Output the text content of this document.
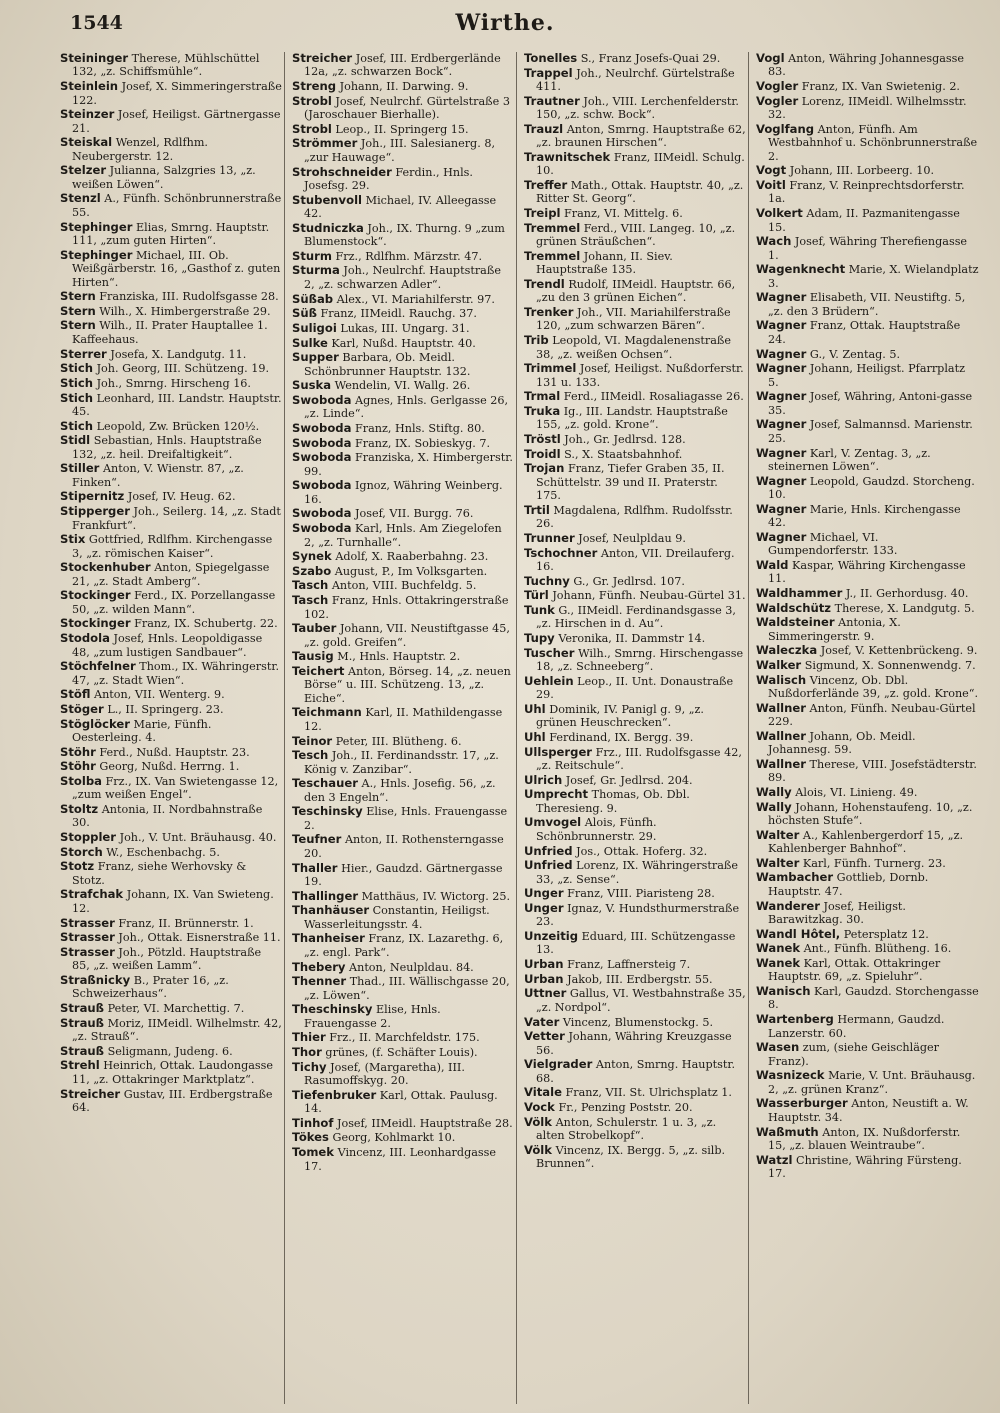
1544	Wirthe.
Steininger Therese, Mühlschüttel 132, „z. Schiffsmühle“.
Steinlein Josef, X. Simmeringerstraße 122.
Steinzer Josef, Heiligst. Gärtnergasse 21.
Steiskal Wenzel, Rdlfhm. Neubergerstr. 12.
Stelzer Julianna, Salzgries 13, „z. weißen Löwen“.
Stenzl A., Fünfh. Schönbrunnerstraße 55.
Stephinger Elias, Smrng. Hauptstr. 111, „zum guten Hirten“.
Stephinger Michael, III. Ob. Weißgärberstr. 16, „Gasthof z. guten Hirten“.
Stern Franziska, III. Rudolfsgasse 28.
Stern Wilh., X. Himbergerstraße 29.
Stern Wilh., II. Prater Hauptallee 1. Kaffeehaus.
Sterrer Josefa, X. Landgutg. 11.
Stich Joh. Georg, III. Schützeng. 19.
Stich Joh., Smrng. Hirscheng 16.
Stich Leonhard, III. Landstr. Hauptstr. 45.
Stich Leopold, Zw. Brücken 120½.
Stidl Sebastian, Hnls. Hauptstraße 132, „z. heil. Dreifaltigkeit“.
Stiller Anton, V. Wienstr. 87, „z. Finken“.
Stipernitz Josef, IV. Heug. 62.
Stipperger Joh., Seilerg. 14, „z. Stadt Frankfurt“.
Stix Gottfried, Rdlfhm. Kirchengasse 3, „z. römischen Kaiser“.
Stockenhuber Anton, Spiegelgasse 21, „z. Stadt Amberg“.
Stockinger Ferd., IX. Porzellangasse 50, „z. wilden Mann“.
Stockinger Franz, IX. Schubertg. 22.
Stodola Josef, Hnls. Leopoldigasse 48, „zum lustigen Sandbauer“.
Stöchfelner Thom., IX. Währingerstr. 47, „z. Stadt Wien“.
Stöfl Anton, VII. Wenterg. 9.
Stöger L., II. Springerg. 23.
Stöglöcker Marie, Fünfh. Oesterleing. 4.
Stöhr Ferd., Nußd. Hauptstr. 23.
Stöhr Georg, Nußd. Herrng. 1.
Stolba Frz., IX. Van Swietengasse 12, „zum weißen Engel“.
Stoltz Antonia, II. Nordbahnstraße 30.
Stoppler Joh., V. Unt. Bräuhausg. 40.
Storch W., Eschenbachg. 5.
Stotz Franz, siehe Werhovsky & Stotz.
Strafchak Johann, IX. Van Swieteng. 12.
Strasser Franz, II. Brünnerstr. 1.
Strasser Joh., Ottak. Eisnerstraße 11.
Strasser Joh., Pötzld. Hauptstraße 85, „z. weißen Lamm“.
Straßnicky B., Prater 16, „z. Schweizerhaus“.
Strauß Peter, VI. Marchettig. 7.
Strauß Moriz, IIMeidl. Wilhelmstr. 42, „z. Strauß“.
Strauß Seligmann, Judeng. 6.
Strehl Heinrich, Ottak. Laudongasse 11, „z. Ottakringer Marktplatz“.
Streicher Gustav, III. Erdbergstraße 64.
Streicher Josef, III. Erdbergerlände 12a, „z. schwarzen Bock“.
Streng Johann, II. Darwing. 9.
Strobl Josef, Neulrchf. Gürtelstraße 3 (Jaroschauer Bierhalle).
Strobl Leop., II. Springerg 15.
Strömmer Joh., III. Salesianerg. 8, „zur Hauwage“.
Strohschneider Ferdin., Hnls. Josefsg. 29.
Stubenvoll Michael, IV. Alleegasse 42.
Studniczka Joh., IX. Thurng. 9 „zum Blumenstock“.
Sturm Frz., Rdlfhm. Märzstr. 47.
Sturma Joh., Neulrchf. Hauptstraße 2, „z. schwarzen Adler“.
Süßab Alex., VI. Mariahilferstr. 97.
Süß Franz, IIMeidl. Rauchg. 37.
Suligoi Lukas, III. Ungarg. 31.
Sulke Karl, Nußd. Hauptstr. 40.
Supper Barbara, Ob. Meidl. Schönbrunner Hauptstr. 132.
Suska Wendelin, VI. Wallg. 26.
Swoboda Agnes, Hnls. Gerlgasse 26, „z. Linde“.
Swoboda Franz, Hnls. Stiftg. 80.
Swoboda Franz, IX. Sobieskyg. 7.
Swoboda Franziska, X. Himbergerstr. 99.
Swoboda Ignoz, Währing Weinberg. 16.
Swoboda Josef, VII. Burgg. 76.
Swoboda Karl, Hnls. Am Ziegelofen 2, „z. Turnhalle“.
Synek Adolf, X. Raaberbahng. 23.
Szabo August, P., Im Volksgarten.
Tasch Anton, VIII. Buchfeldg. 5.
Tasch Franz, Hnls. Ottakringerstraße 102.
Tauber Johann, VII. Neustiftgasse 45, „z. gold. Greifen“.
Tausig M., Hnls. Hauptstr. 2.
Teichert Anton, Börseg. 14, „z. neuen Börse“ u. III. Schützeng. 13, „z. Eiche“.
Teichmann Karl, II. Mathildengasse 12.
Teinor Peter, III. Blütheng. 6.
Tesch Joh., II. Ferdinandsstr. 17, „z. König v. Zanzibar“.
Teschauer A., Hnls. Josefig. 56, „z. den 3 Engeln“.
Teschinsky Elise, Hnls. Frauengasse 2.
Teufner Anton, II. Rothensterngasse 20.
Thaller Hier., Gaudzd. Gärtnergasse 19.
Thallinger Matthäus, IV. Wictorg. 25.
Thanhäuser Constantin, Heiligst. Wasserleitungsstr. 4.
Thanheiser Franz, IX. Lazarethg. 6, „z. engl. Park“.
Thebery Anton, Neulpldau. 84.
Thenner Thad., III. Wällischgasse 20, „z. Löwen“.
Theschinsky Elise, Hnls. Frauengasse 2.
Thier Frz., II. Marchfeldstr. 175.
Thor grünes, (f. Schäfter Louis).
Tichy Josef, (Margaretha), III. Rasumoffskyg. 20.
Tiefenbruker Karl, Ottak. Paulusg. 14.
Tinhof Josef, IIMeidl. Hauptstraße 28.
Tökes Georg, Kohlmarkt 10.
Tomek Vincenz, III. Leonhardgasse 17.
Tonelles S., Franz Josefs-Quai 29.
Trappel Joh., Neulrchf. Gürtelstraße 411.
Trautner Joh., VIII. Lerchenfelderstr. 150, „z. schw. Bock“.
Trauzl Anton, Smrng. Hauptstraße 62, „z. braunen Hirschen“.
Trawnitschek Franz, IIMeidl. Schulg. 10.
Treffer Math., Ottak. Hauptstr. 40, „z. Ritter St. Georg“.
Treipl Franz, VI. Mittelg. 6.
Tremmel Ferd., VIII. Langeg. 10, „z. grünen Sträußchen“.
Tremmel Johann, II. Siev. Hauptstraße 135.
Trendl Rudolf, IIMeidl. Hauptstr. 66, „zu den 3 grünen Eichen“.
Trenker Joh., VII. Mariahilferstraße 120, „zum schwarzen Bären“.
Trib Leopold, VI. Magdalenenstraße 38, „z. weißen Ochsen“.
Trimmel Josef, Heiligst. Nußdorferstr. 131 u. 133.
Trmal Ferd., IIMeidl. Rosaliagasse 26.
Truka Ig., III. Landstr. Hauptstraße 155, „z. gold. Krone“.
Tröstl Joh., Gr. Jedlrsd. 128.
Troidl S., X. Staatsbahnhof.
Trojan Franz, Tiefer Graben 35, II. Schüttelstr. 39 und II. Praterstr. 175.
Trtil Magdalena, Rdlfhm. Rudolfsstr. 26.
Trunner Josef, Neulpldau 9.
Tschochner Anton, VII. Dreilauferg. 16.
Tuchny G., Gr. Jedlrsd. 107.
Türl Johann, Fünfh. Neubau-Gürtel 31.
Tunk G., IIMeidl. Ferdinandsgasse 3, „z. Hirschen in d. Au“.
Tupy Veronika, II. Dammstr 14.
Tuscher Wilh., Smrng. Hirschengasse 18, „z. Schneeberg“.
Uehlein Leop., II. Unt. Donaustraße 29.
Uhl Dominik, IV. Panigl g. 9, „z. grünen Heuschrecken“.
Uhl Ferdinand, IX. Bergg. 39.
Ullsperger Frz., III. Rudolfsgasse 42, „z. Reitschule“.
Ulrich Josef, Gr. Jedlrsd. 204.
Umprecht Thomas, Ob. Dbl. Theresieng. 9.
Umvogel Alois, Fünfh. Schönbrunnerstr. 29.
Unfried Jos., Ottak. Hoferg. 32.
Unfried Lorenz, IX. Währingerstraße 33, „z. Sense“.
Unger Franz, VIII. Piaristeng 28.
Unger Ignaz, V. Hundsthurmerstraße 23.
Unzeitig Eduard, III. Schützengasse 13.
Urban Franz, Laffnersteig 7.
Urban Jakob, III. Erdbergstr. 55.
Uttner Gallus, VI. Westbahnstraße 35, „z. Nordpol“.
Vater Vincenz, Blumenstockg. 5.
Vetter Johann, Währing Kreuzgasse 56.
Vielgrader Anton, Smrng. Hauptstr. 68.
Vitale Franz, VII. St. Ulrichsplatz 1.
Vock Fr., Penzing Poststr. 20.
Völk Anton, Schulerstr. 1 u. 3, „z. alten Strobelkopf“.
Völk Vincenz, IX. Bergg. 5, „z. silb. Brunnen“.
Vogl Anton, Währing Johannesgasse 83.
Vogler Franz, IX. Van Swietenig. 2.
Vogler Lorenz, IIMeidl. Wilhelmsstr. 32.
Voglfang Anton, Fünfh. Am Westbahnhof u. Schönbrunnerstraße 2.
Vogt Johann, III. Lorbeerg. 10.
Voitl Franz, V. Reinprechtsdorferstr. 1a.
Volkert Adam, II. Pazmanitengasse 15.
Wach Josef, Währing Therefiengasse 1.
Wagenknecht Marie, X. Wielandplatz 3.
Wagner Elisabeth, VII. Neustiftg. 5, „z. den 3 Brüdern“.
Wagner Franz, Ottak. Hauptstraße 24.
Wagner G., V. Zentag. 5.
Wagner Johann, Heiligst. Pfarrplatz 5.
Wagner Josef, Währing, Antoni-gasse 35.
Wagner Josef, Salmannsd. Marienstr. 25.
Wagner Karl, V. Zentag. 3, „z. steinernen Löwen“.
Wagner Leopold, Gaudzd. Storcheng. 10.
Wagner Marie, Hnls. Kirchengasse 42.
Wagner Michael, VI. Gumpendorferstr. 133.
Wald Kaspar, Währing Kirchengasse 11.
Waldhammer J., II. Gerhordusg. 40.
Waldschütz Therese, X. Landgutg. 5.
Waldsteiner Antonia, X. Simmeringerstr. 9.
Waleczka Josef, V. Kettenbrückeng. 9.
Walker Sigmund, X. Sonnenwendg. 7.
Walisch Vincenz, Ob. Dbl. Nußdorferlände 39, „z. gold. Krone“.
Wallner Anton, Fünfh. Neubau-Gürtel 229.
Wallner Johann, Ob. Meidl. Johannesg. 59.
Wallner Therese, VIII. Josefstädterstr. 89.
Wally Alois, VI. Linieng. 49.
Wally Johann, Hohenstaufeng. 10, „z. höchsten Stufe“.
Walter A., Kahlenbergerdorf 15, „z. Kahlenberger Bahnhof“.
Walter Karl, Fünfh. Turnerg. 23.
Wambacher Gottlieb, Dornb. Hauptstr. 47.
Wanderer Josef, Heiligst. Barawitzkag. 30.
Wandl Hôtel, Petersplatz 12.
Wanek Ant., Fünfh. Blütheng. 16.
Wanek Karl, Ottak. Ottakringer Hauptstr. 69, „z. Spieluhr“.
Wanisch Karl, Gaudzd. Storchengasse 8.
Wartenberg Hermann, Gaudzd. Lanzerstr. 60.
Wasen zum, (siehe Geischläger Franz).
Wasnizeck Marie, V. Unt. Bräuhausg. 2, „z. grünen Kranz“.
Wasserburger Anton, Neustift a. W. Hauptstr. 34.
Waßmuth Anton, IX. Nußdorferstr. 15, „z. blauen Weintraube“.
Watzl Christine, Währing Fürsteng. 17.
